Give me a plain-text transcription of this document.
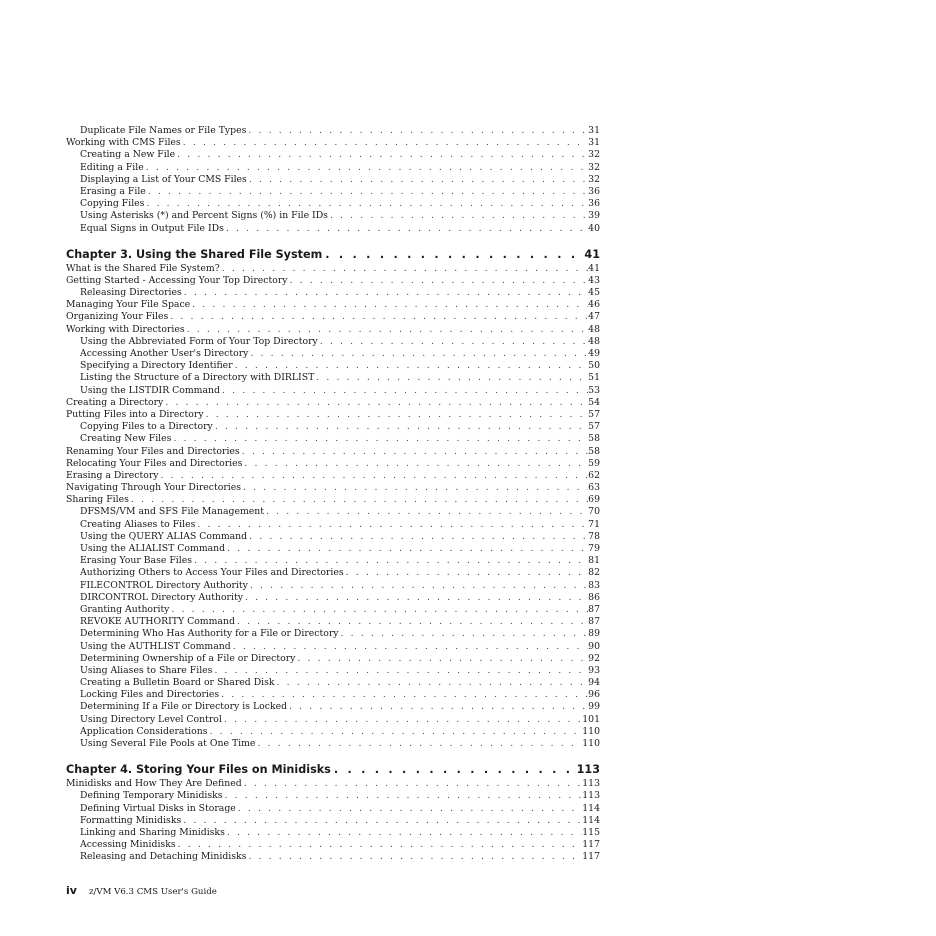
Duplicate File Names or File Types . . .	31
Working with CMS Files . . .	31
Creating a New File . . .	32
Editing a File . . .	32
Displaying a List of Your CMS Files . . .	32
Erasing a File . . .	36
Copying Files . . .	36
Using Asterisks (*) and Percent Signs (%) in File IDs . . .	39
Equal Signs in Output File IDs . . .	40
Chapter 3. Using the Shared File System . . .	41
What is the Shared File System? . . .	41
Getting Started - Accessing Your Top Directory . . .	43
Releasing Directories . . .	45
Managing Your File Space . . .	46
Organizing Your Files . . .	47
Working with Directories . . .	48
Using the Abbreviated Form of Your Top Directory . . .	48
Accessing Another User's Directory . . .	49
Specifying a Directory Identifier . . .	50
Listing the Structure of a Directory with DIRLIST . . .	51
Using the LISTDIR Command . . .	53
Creating a Directory . . .	54
Putting Files into a Directory . . .	57
Copying Files to a Directory . . .	57
Creating New Files . . .	58
Renaming Your Files and Directories . . .	58
Relocating Your Files and Directories . . .	59
Erasing a Directory . . .	62
Navigating Through Your Directories . . .	63
Sharing Files . . .	69
DFSMS/VM and SFS File Management . . .	70
Creating Aliases to Files . . .	71
Using the QUERY ALIAS Command . . .	78
Using the ALIALIST Command . . .	79
Erasing Your Base Files . . .	81
Authorizing Others to Access Your Files and Directories . . .	82
FILECONTROL Directory Authority . . .	83
DIRCONTROL Directory Authority . . .	86
Granting Authority . . .	87
REVOKE AUTHORITY Command . . .	87
Determining Who Has Authority for a File or Directory . . .	89
Using the AUTHLIST Command . . .	90
Determining Ownership of a File or Directory . . .	92
Using Aliases to Share Files . . .	93
Creating a Bulletin Board or Shared Disk . . .	94
Locking Files and Directories . . .	96
Determining If a File or Directory is Locked . . .	99
Using Directory Level Control . . .	101
Application Considerations . . .	110
Using Several File Pools at One Time . . .	110
Chapter 4. Storing Your Files on Minidisks . . .	113
Minidisks and How They Are Defined . . .	113
Defining Temporary Minidisks . . .	113
Defining Virtual Disks in Storage . . .	114
Formatting Minidisks . . .	114
Linking and Sharing Minidisks . . .	115
Accessing Minidisks . . .	117
Releasing and Detaching Minidisks . . .	117
iv z/VM V6.3 CMS User's Guide
